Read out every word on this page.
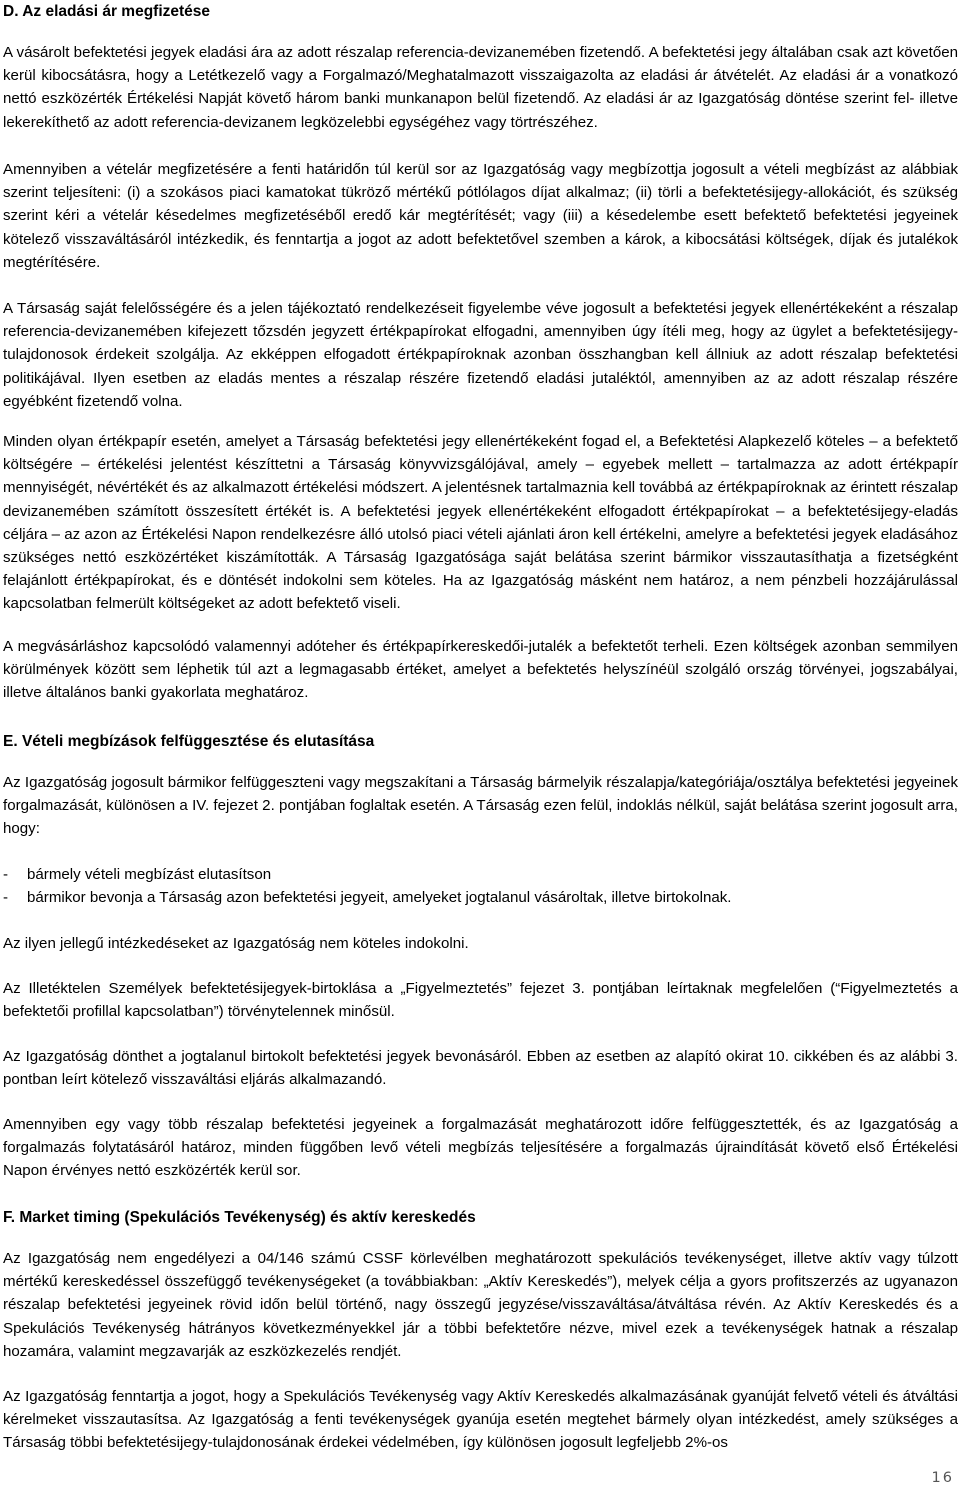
D. Az eladási ár megfizetése

A vásárolt befektetési jegyek eladási ára az adott részalap referencia-devizanemében fizetendő. A befektetési jegy általában csak azt követően kerül kibocsátásra, hogy a Letétkezelő vagy a Forgalmazó/Meghatalmazott visszaigazolta az eladási ár átvételét. Az eladási ár a vonatkozó nettó eszközérték Értékelési Napját követő három banki munkanapon belül fizetendő. Az eladási ár az Igazgatóság döntése szerint fel- illetve lekerekíthető az adott referencia-devizanem legközelebbi egységéhez vagy törtrészéhez.

Amennyiben a vételár megfizetésére a fenti határidőn túl kerül sor az Igazgatóság vagy megbízottja jogosult a vételi megbízást az alábbiak szerint teljesíteni: (i) a szokásos piaci kamatokat tükröző mértékű pótlólagos díjat alkalmaz; (ii) törli a befektetésijegy-allokációt, és szükség szerint kéri a vételár késedelmes megfizetéséből eredő kár megtérítését; vagy (iii) a késedelembe esett befektető befektetési jegyeinek kötelező visszaváltásáról intézkedik, és fenntartja a jogot az adott befektetővel szemben a károk, a kibocsátási költségek, díjak és jutalékok megtérítésére.

A Társaság saját felelősségére és a jelen tájékoztató rendelkezéseit figyelembe véve jogosult a befektetési jegyek ellenértékeként a részalap referencia-devizanemében kifejezett tőzsdén jegyzett értékpapírokat elfogadni, amennyiben úgy ítéli meg, hogy az ügylet a befektetésijegy-tulajdonosok érdekeit szolgálja. Az ekképpen elfogadott értékpapíroknak azonban összhangban kell állniuk az adott részalap befektetési politikájával. Ilyen esetben az eladás mentes a részalap részére fizetendő eladási jutaléktól, amennyiben az az adott részalap részére egyébként fizetendő volna.

Minden olyan értékpapír esetén, amelyet a Társaság befektetési jegy ellenértékeként fogad el, a Befektetési Alapkezelő köteles – a befektető költségére – értékelési jelentést készíttetni a Társaság könyvvizsgálójával, amely – egyebek mellett – tartalmazza az adott értékpapír mennyiségét, névértékét és az alkalmazott értékelési módszert. A jelentésnek tartalmaznia kell továbbá az értékpapíroknak az érintett részalap devizanemében számított összesített értékét is. A befektetési jegyek ellenértékeként elfogadott értékpapírokat – a befektetésijegy-eladás céljára – az azon az Értékelési Napon rendelkezésre álló utolsó piaci vételi ajánlati áron kell értékelni, amelyre a befektetési jegyek eladásához szükséges nettó eszközértéket kiszámították. A Társaság Igazgatósága saját belátása szerint bármikor visszautasíthatja a fizetségként felajánlott értékpapírokat, és e döntését indokolni sem köteles. Ha az Igazgatóság másként nem határoz, a nem pénzbeli hozzájárulással kapcsolatban felmerült költségeket az adott befektető viseli.

A megvásárláshoz kapcsolódó valamennyi adóteher és értékpapírkereskedői-jutalék a befektetőt terheli. Ezen költségek azonban semmilyen körülmények között sem léphetik túl azt a legmagasabb értéket, amelyet a befektetés helyszínéül szolgáló ország törvényei, jogszabályai, illetve általános banki gyakorlata meghatároz.

E. Vételi megbízások felfüggesztése és elutasítása

Az Igazgatóság jogosult bármikor felfüggeszteni vagy megszakítani a Társaság bármelyik részalapja/kategóriája/osztálya befektetési jegyeinek forgalmazását, különösen a IV. fejezet 2. pontjában foglaltak esetén. A Társaság ezen felül, indoklás nélkül, saját belátása szerint jogosult arra, hogy:

- bármely vételi megbízást elutasítson

- bármikor bevonja a Társaság azon befektetési jegyeit, amelyeket jogtalanul vásároltak, illetve birtokolnak.

Az ilyen jellegű intézkedéseket az Igazgatóság nem köteles indokolni.

Az Illetéktelen Személyek befektetésijegyek-birtoklása a „Figyelmeztetés” fejezet 3. pontjában leírtaknak megfelelően (“Figyelmeztetés a befektetői profillal kapcsolatban”) törvénytelennek minősül.

Az Igazgatóság dönthet a jogtalanul birtokolt befektetési jegyek bevonásáról. Ebben az esetben az alapító okirat 10. cikkében és az alábbi 3. pontban leírt kötelező visszaváltási eljárás alkalmazandó.

Amennyiben egy vagy több részalap befektetési jegyeinek a forgalmazását meghatározott időre felfüggesztették, és az Igazgatóság a forgalmazás folytatásáról határoz, minden függőben levő vételi megbízás teljesítésére a forgalmazás újraindítását követő első Értékelési Napon érvényes nettó eszközérték kerül sor.

F. Market timing (Spekulációs Tevékenység) és aktív kereskedés

Az Igazgatóság nem engedélyezi a 04/146 számú CSSF körlevélben meghatározott spekulációs tevékenységet, illetve aktív vagy túlzott mértékű kereskedéssel összefüggő tevékenységeket (a továbbiakban: „Aktív Kereskedés”), melyek célja a gyors profitszerzés az ugyanazon részalap befektetési jegyeinek rövid időn belül történő, nagy összegű jegyzése/visszaváltása/átváltása révén. Az Aktív Kereskedés és a Spekulációs Tevékenység hátrányos következményekkel jár a többi befektetőre nézve, mivel ezek a tevékenységek hatnak a részalap hozamára, valamint megzavarják az eszközkezelés rendjét.

Az Igazgatóság fenntartja a jogot, hogy a Spekulációs Tevékenység vagy Aktív Kereskedés alkalmazásának gyanúját felvető vételi és átváltási kérelmeket visszautasítsa. Az Igazgatóság a fenti tevékenységek gyanúja esetén megtehet bármely olyan intézkedést, amely szükséges a Társaság többi befektetésijegy-tulajdonosának érdekei védelmében, így különösen jogosult legfeljebb 2%-os

16
